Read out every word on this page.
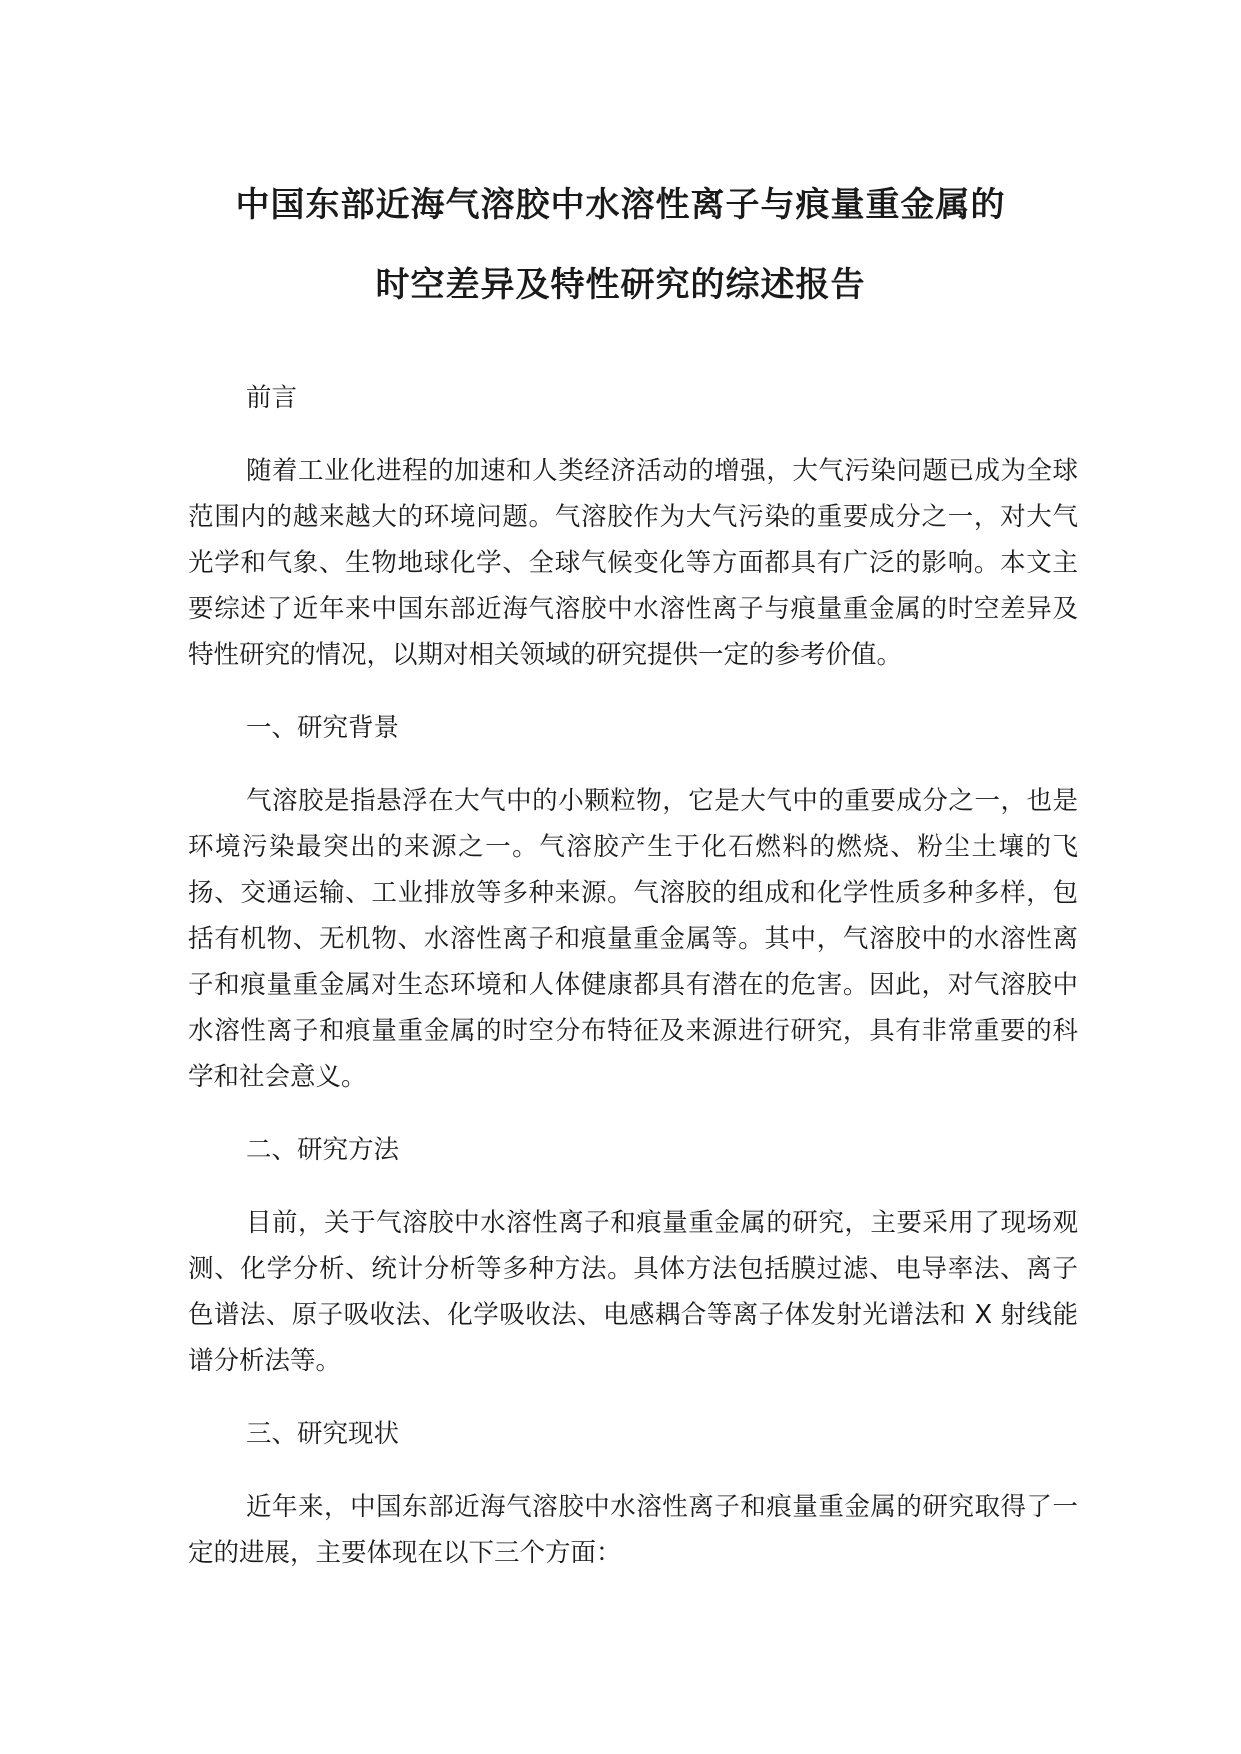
中国东部近海气溶胶中水溶性离子与痕量重金属的
时空差异及特性研究的综述报告

前言

随着工业化进程的加速和人类经济活动的增强，大气污染问题已成为全球范围内的越来越大的环境问题。气溶胶作为大气污染的重要成分之一，对大气光学和气象、生物地球化学、全球气候变化等方面都具有广泛的影响。本文主要综述了近年来中国东部近海气溶胶中水溶性离子与痕量重金属的时空差异及特性研究的情况，以期对相关领域的研究提供一定的参考价值。

一、研究背景

气溶胶是指悬浮在大气中的小颗粒物，它是大气中的重要成分之一，也是环境污染最突出的来源之一。气溶胶产生于化石燃料的燃烧、粉尘土壤的飞扬、交通运输、工业排放等多种来源。气溶胶的组成和化学性质多种多样，包括有机物、无机物、水溶性离子和痕量重金属等。其中，气溶胶中的水溶性离子和痕量重金属对生态环境和人体健康都具有潜在的危害。因此，对气溶胶中水溶性离子和痕量重金属的时空分布特征及来源进行研究，具有非常重要的科学和社会意义。

二、研究方法

目前，关于气溶胶中水溶性离子和痕量重金属的研究，主要采用了现场观测、化学分析、统计分析等多种方法。具体方法包括膜过滤、电导率法、离子色谱法、原子吸收法、化学吸收法、电感耦合等离子体发射光谱法和 X 射线能谱分析法等。

三、研究现状

近年来，中国东部近海气溶胶中水溶性离子和痕量重金属的研究取得了一定的进展，主要体现在以下三个方面：
